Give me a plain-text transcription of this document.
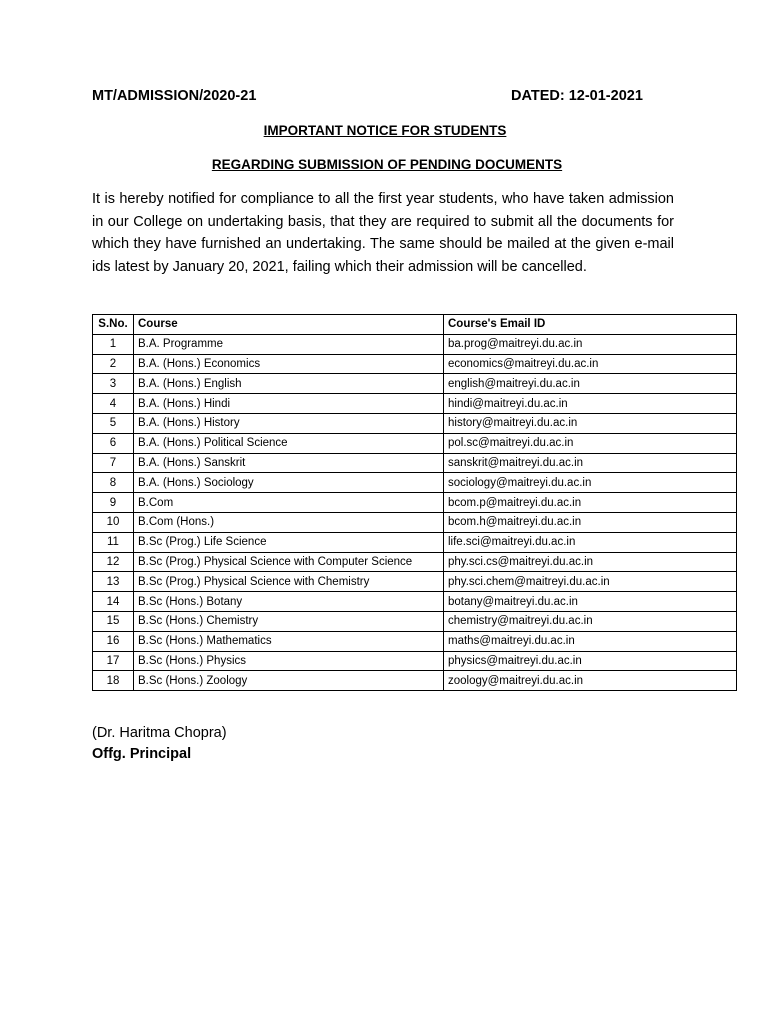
MT/ADMISSION/2020-21	DATED: 12-01-2021
IMPORTANT NOTICE FOR STUDENTS
REGARDING SUBMISSION OF PENDING DOCUMENTS

It is hereby notified for compliance to all the first year students, who have taken admission in our College on undertaking basis, that they are required to submit all the documents for which they have furnished an undertaking. The same should be mailed at the given e-mail ids latest by January 20, 2021, failing which their admission will be cancelled.

S.No.	Course	Course's Email ID
1	B.A. Programme	ba.prog@maitreyi.du.ac.in
2	B.A. (Hons.) Economics	economics@maitreyi.du.ac.in
3	B.A. (Hons.) English	english@maitreyi.du.ac.in
4	B.A. (Hons.) Hindi	hindi@maitreyi.du.ac.in
5	B.A. (Hons.) History	history@maitreyi.du.ac.in
6	B.A. (Hons.) Political Science	pol.sc@maitreyi.du.ac.in
7	B.A. (Hons.) Sanskrit	sanskrit@maitreyi.du.ac.in
8	B.A. (Hons.) Sociology	sociology@maitreyi.du.ac.in
9	B.Com	bcom.p@maitreyi.du.ac.in
10	B.Com (Hons.)	bcom.h@maitreyi.du.ac.in
11	B.Sc (Prog.) Life Science	life.sci@maitreyi.du.ac.in
12	B.Sc (Prog.) Physical Science with Computer Science	phy.sci.cs@maitreyi.du.ac.in
13	B.Sc (Prog.) Physical Science with Chemistry	phy.sci.chem@maitreyi.du.ac.in
14	B.Sc (Hons.) Botany	botany@maitreyi.du.ac.in
15	B.Sc (Hons.) Chemistry	chemistry@maitreyi.du.ac.in
16	B.Sc (Hons.) Mathematics	maths@maitreyi.du.ac.in
17	B.Sc (Hons.) Physics	physics@maitreyi.du.ac.in
18	B.Sc (Hons.) Zoology	zoology@maitreyi.du.ac.in
(Dr. Haritma Chopra)
Offg. Principal
